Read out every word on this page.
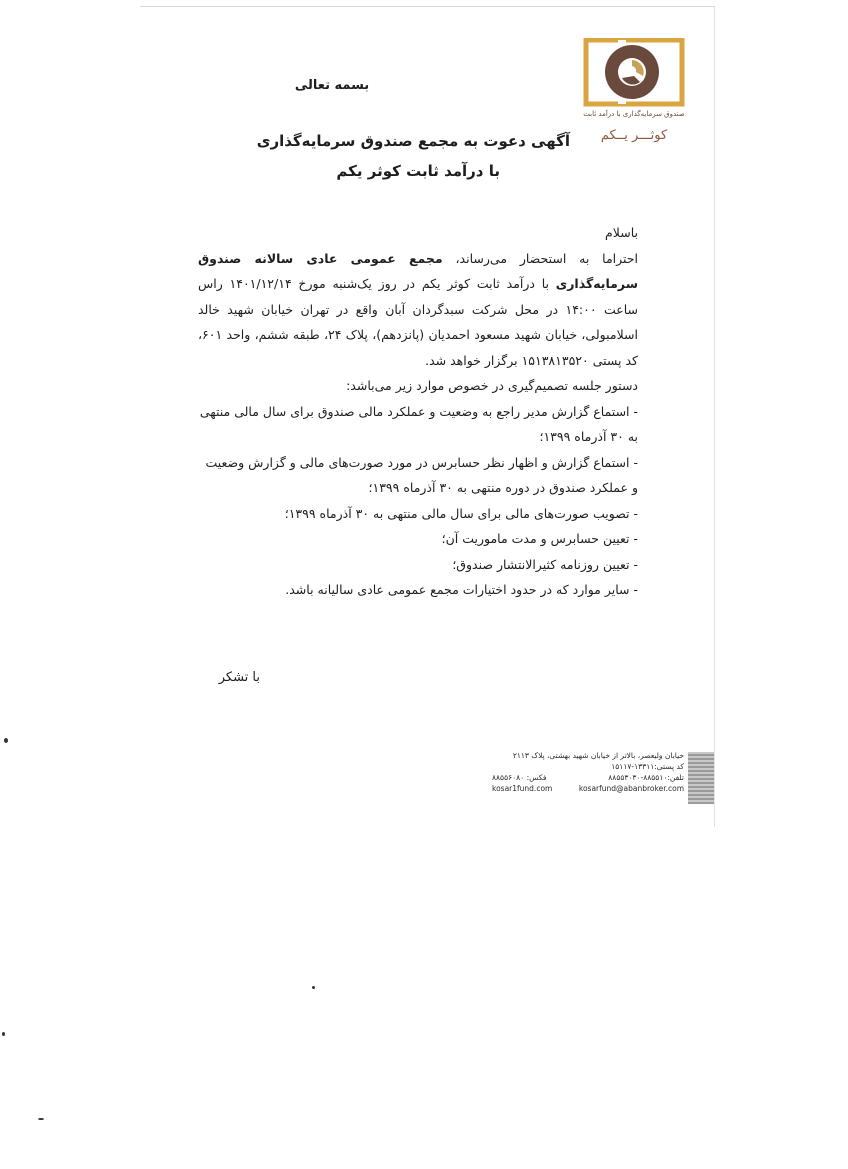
صندوق سرمایه‌گذاری با درآمد ثابت
کوثـــر یــکم
بسمه تعالی
آگهی دعوت به مجمع صندوق سرمایه‌گذاری
با درآمد ثابت کوثر یکم

باسلام

احتراما به استحضار می‌رساند، مجمع عمومی عادی سالانه صندوق سرمایه‌گذاری با درآمد ثابت کوثر یکم در روز یک‌شنبه مورخ ۱۴۰۱/۱۲/۱۴ راس ساعت ۱۴:۰۰ در محل شرکت سبدگردان آبان واقع در تهران خیابان شهید خالد اسلامبولی، خیابان شهید مسعود احمدیان (پانزدهم)، پلاک ۲۴، طبقه ششم، واحد ۶۰۱، کد پستی ۱۵۱۳۸۱۳۵۲۰ برگزار خواهد شد.

دستور جلسه تصمیم‌گیری در خصوص موارد زیر می‌باشد:

- استماع گزارش مدیر راجع به وضعیت و عملکرد مالی صندوق برای سال مالی منتهی به ۳۰ آذرماه ۱۳۹۹؛
- استماع گزارش و اظهار نظر حسابرس در مورد صورت‌های مالی و گزارش وضعیت و عملکرد صندوق در دوره منتهی به ۳۰ آذرماه ۱۳۹۹؛
- تصویب صورت‌های مالی برای سال مالی منتهی به ۳۰ آذرماه ۱۳۹۹؛
- تعیین حسابرس و مدت ماموریت آن؛
- تعیین روزنامه کثیرالانتشار صندوق؛
- سایر موارد که در حدود اختیارات مجمع عمومی عادی سالیانه باشد.
با تشکر
خیابان ولیعصر، بالاتر از خیابان شهید بهشتی، پلاک ۲۱۱۳
کد پستی:۱۳۳۱۱-۱۵۱۱۷
تلفن:۸۸۵۵۱۰-۸۸۵۵۳۰۳۰
فکس: ۸۸۵۵۶۰۸۰
kosarfund@abanbroker.com
kosar1fund.com
